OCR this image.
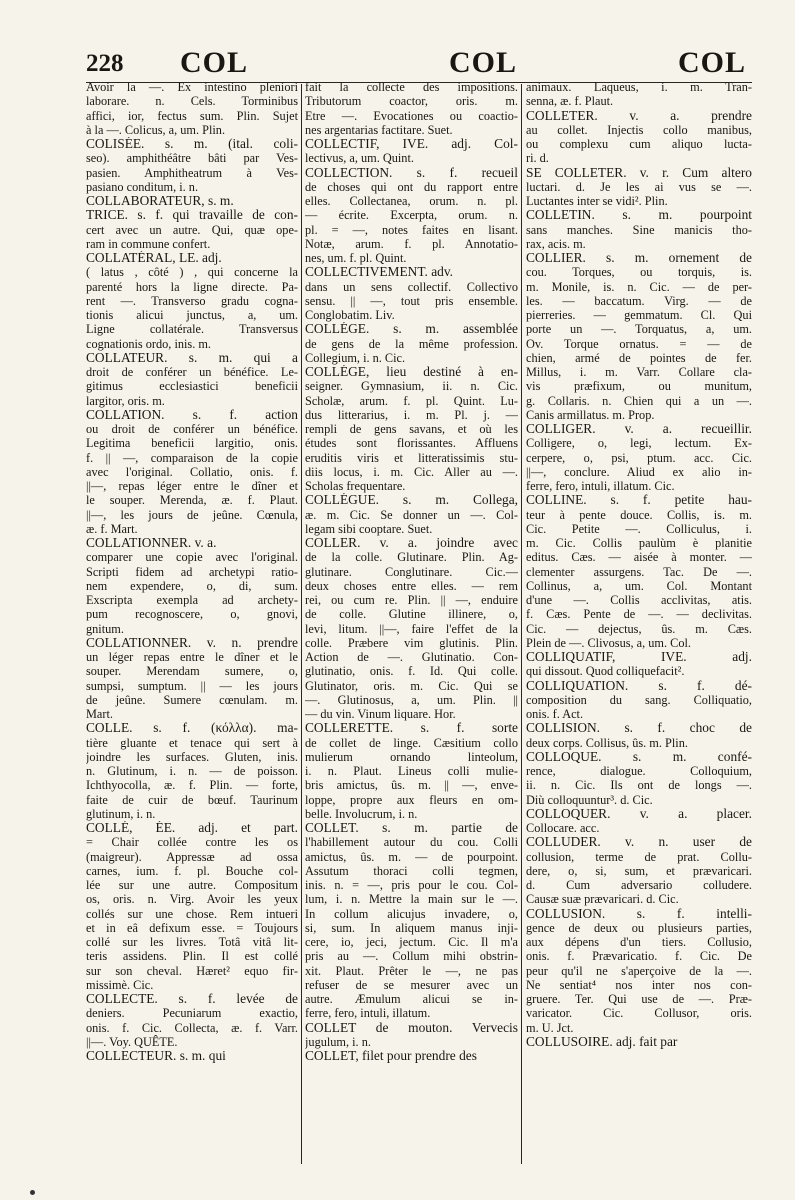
228 COL	COL	COL
Avoir la —. Ex intestino pleniori
laborare. n. Cels. Torminibus
affici, ior, fectus sum. Plin. Sujet
à la —. Colicus, a, um. Plin.
COLISÉE. s. m. (ital. coli-
seo). amphithéâtre bâti par Ves-
pasien. Amphitheatrum à Ves-
pasiano conditum, i. n.
COLLABORATEUR, s. m.
TRICE. s. f. qui travaille de con-
cert avec un autre. Qui, quæ ope-
ram in commune confert.
COLLATÉRAL, LE. adj.
( latus , côté ) , qui concerne la
parenté hors la ligne directe. Pa-
rent —. Transverso gradu cogna-
tionis alicui junctus, a, um.
Ligne collatérale. Transversus
cognationis ordo, inis. m.
COLLATEUR. s. m. qui a
droit de conférer un bénéfice. Le-
gitimus ecclesiastici beneficii
largitor, oris. m.
COLLATION. s. f. action
ou droit de conférer un bénéfice.
Legitima beneficii largitio, onis.
f. || —, comparaison de la copie
avec l'original. Collatio, onis. f.
||—, repas léger entre le dîner et
le souper. Merenda, æ. f. Plaut.
||—, les jours de jeûne. Cœnula,
æ. f. Mart.
COLLATIONNER. v. a.
comparer une copie avec l'original.
Scripti fidem ad archetypi ratio-
nem expendere, o, di, sum.
Exscripta exempla ad archety-
pum recognoscere, o, gnovi,
gnitum.
COLLATIONNER. v. n. prendre
un léger repas entre le dîner et le
souper. Merendam sumere, o,
sumpsi, sumptum. || — les jours
de jeûne. Sumere cœnulam. m.
Mart.
COLLE. s. f. (κόλλα). ma-
tière gluante et tenace qui sert à
joindre les surfaces. Gluten, inis.
n. Glutinum, i. n. — de poisson.
Ichthyocolla, æ. f. Plin. — forte,
faite de cuir de bœuf. Taurinum
glutinum, i. n.
COLLÉ, ÉE. adj. et part.
= Chair collée contre les os
(maigreur). Appressæ ad ossa
carnes, ium. f. pl. Bouche col-
lée sur une autre. Compositum
os, oris. n. Virg. Avoir les yeux
collés sur une chose. Rem intueri
et in eâ defixum esse. = Toujours
collé sur les livres. Totâ vitâ lit-
teris assidens. Plin. Il est collé
sur son cheval. Hæret² equo fir-
missimè. Cic.
COLLECTE. s. f. levée de
deniers. Pecuniarum exactio,
onis. f. Cic. Collecta, æ. f. Varr.
||—. Voy. QUÊTE.
COLLECTEUR. s. m. qui
fait la collecte des impositions.
Tributorum coactor, oris. m.
Etre —. Evocationes ou coactio-
nes argentarias factitare. Suet.
COLLECTIF, IVE. adj. Col-
lectivus, a, um. Quint.
COLLECTION. s. f. recueil
de choses qui ont du rapport entre
elles. Collectanea, orum. n. pl.
— écrite. Excerpta, orum. n.
pl. = —, notes faites en lisant.
Notæ, arum. f. pl. Annotatio-
nes, um. f. pl. Quint.
COLLECTIVEMENT. adv.
dans un sens collectif. Collectivo
sensu. || —, tout pris ensemble.
Conglobatim. Liv.
COLLÉGE. s. m. assemblée
de gens de la même profession.
Collegium, i. n. Cic.
COLLÉGE, lieu destiné à en-
seigner. Gymnasium, ii. n. Cic.
Scholæ, arum. f. pl. Quint. Lu-
dus litterarius, i. m. Pl. j. —
rempli de gens savans, et où les
études sont florissantes. Affluens
eruditis viris et litteratissimis stu-
diis locus, i. m. Cic. Aller au —.
Scholas frequentare.
COLLÉGUE. s. m. Collega,
æ. m. Cic. Se donner un —. Col-
legam sibi cooptare. Suet.
COLLER. v. a. joindre avec
de la colle. Glutinare. Plin. Ag-
glutinare. Conglutinare. Cic.—
deux choses entre elles. — rem
rei, ou cum re. Plin. || —, enduire
de colle. Glutine illinere, o,
levi, litum. ||—, faire l'effet de la
colle. Præbere vim glutinis. Plin.
Action de —. Glutinatio. Con-
glutinatio, onis. f. Id. Qui colle.
Glutinator, oris. m. Cic. Qui se
—. Glutinosus, a, um. Plin. ||
— du vin. Vinum liquare. Hor.
COLLERETTE. s. f. sorte
de collet de linge. Cæsitium collo
mulierum ornando linteolum,
i. n. Plaut. Lineus colli mulie-
bris amictus, ûs. m. || —, enve-
loppe, propre aux fleurs en om-
belle. Involucrum, i. n.
COLLET. s. m. partie de
l'habillement autour du cou. Colli
amictus, ûs. m. — de pourpoint.
Assutum thoraci colli tegmen,
inis. n. = —, pris pour le cou. Col-
lum, i. n. Mettre la main sur le —.
In collum alicujus invadere, o,
si, sum. In aliquem manus inji-
cere, io, jeci, jectum. Cic. Il m'a
pris au —. Collum mihi obstrin-
xit. Plaut. Prêter le —, ne pas
refuser de se mesurer avec un
autre. Æmulum alicui se in-
ferre, fero, intuli, illatum.
COLLET de mouton. Vervecis
jugulum, i. n.
COLLET, filet pour prendre des
animaux. Laqueus, i. m. Tran-
senna, æ. f. Plaut.
COLLETER. v. a. prendre
au collet. Injectis collo manibus,
ou complexu cum aliquo lucta-
ri. d.
SE COLLETER. v. r. Cum altero
luctari. d. Je les ai vus se —.
Luctantes inter se vidi². Plin.
COLLETIN. s. m. pourpoint
sans manches. Sine manicis tho-
rax, acis. m.
COLLIER. s. m. ornement de
cou. Torques, ou torquis, is.
m. Monile, is. n. Cic. — de per-
les. — baccatum. Virg. — de
pierreries. — gemmatum. Cl. Qui
porte un —. Torquatus, a, um.
Ov. Torque ornatus. = — de
chien, armé de pointes de fer.
Millus, i. m. Varr. Collare cla-
vis præfixum, ou munitum,
g. Collaris. n. Chien qui a un —.
Canis armillatus. m. Prop.
COLLIGER. v. a. recueillir.
Colligere, o, legi, lectum. Ex-
cerpere, o, psi, ptum. acc. Cic.
||—, conclure. Aliud ex alio in-
ferre, fero, intuli, illatum. Cic.
COLLINE. s. f. petite hau-
teur à pente douce. Collis, is. m.
Cic. Petite —. Colliculus, i.
m. Cic. Collis paulùm è planitie
editus. Cæs. — aisée à monter. —
clementer assurgens. Tac. De —.
Collinus, a, um. Col. Montant
d'une —. Collis acclivitas, atis.
f. Cæs. Pente de —. — declivitas.
Cic. — dejectus, ûs. m. Cæs.
Plein de —. Clivosus, a, um. Col.
COLLIQUATIF, IVE. adj.
qui dissout. Quod colliquefacit².
COLLIQUATION. s. f. dé-
composition du sang. Colliquatio,
onis. f. Act.
COLLISION. s. f. choc de
deux corps. Collisus, ûs. m. Plin.
COLLOQUE. s. m. confé-
rence, dialogue. Colloquium,
ii. n. Cic. Ils ont de longs —.
Diù colloquuntur³. d. Cic.
COLLOQUER. v. a. placer.
Collocare. acc.
COLLUDER. v. n. user de
collusion, terme de prat. Collu-
dere, o, si, sum, et prævaricari.
d. Cum adversario colludere.
Causæ suæ prævaricari. d. Cic.
COLLUSION. s. f. intelli-
gence de deux ou plusieurs parties,
aux dépens d'un tiers. Collusio,
onis. f. Prævaricatio. f. Cic. De
peur qu'il ne s'aperçoive de la —.
Ne sentiat⁴ nos inter nos con-
gruere. Ter. Qui use de —. Præ-
varicator. Cic. Collusor, oris.
m. U. Jct.
COLLUSOIRE. adj. fait par
